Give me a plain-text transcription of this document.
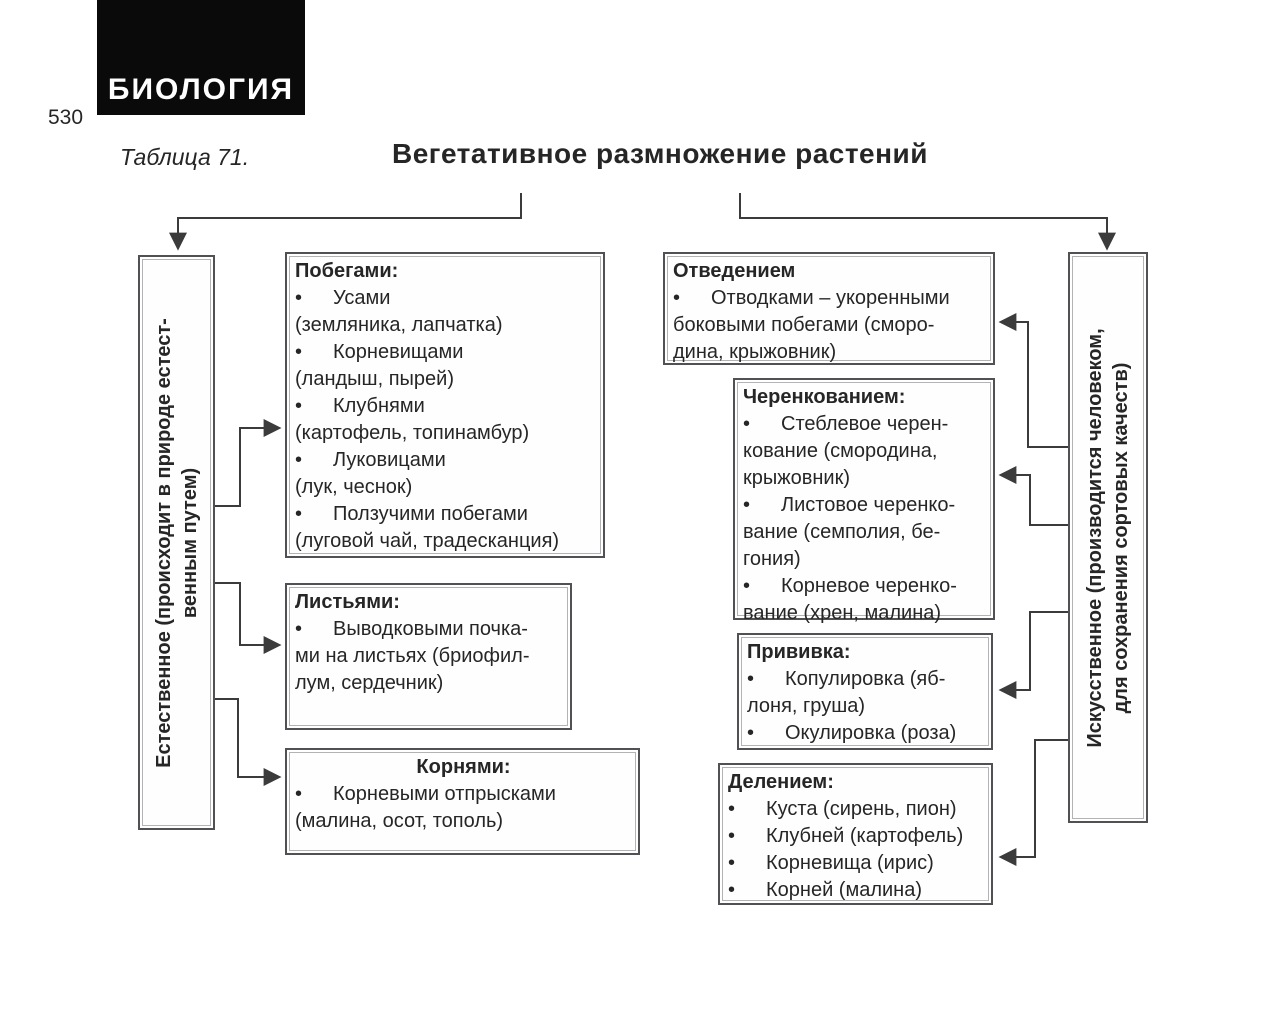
БИОЛОГИЯ
530
Таблица 71.	Вегетативное размножение растений
Естественное (происходит в природе естест- венным путем)	Искусственное (производится человеком, для сохранения сортовых качеств)
Побегами:
• Усами
(земляника, лапчатка)
• Корневищами
(ландыш, пырей)
• Клубнями
(картофель, топинамбур)
• Луковицами
(лук, чеснок)
• Ползучими побегами
(луговой чай, традесканция)
Листьями:
• Выводковыми почка-
ми на листьях (бриофил-
лум, сердечник)
Корнями:
• Корневыми отпрысками
(малина, осот, тополь)
Отведением
• Отводками – укоренными
боковыми побегами (сморо-
дина, крыжовник)
Черенкованием:
• Стеблевое черен-
кование (смородина,
крыжовник)
• Листовое черенко-
вание (семполия, бе-
гония)
• Корневое черенко-
вание (хрен, малина)
Прививка:
• Копулировка (яб-
лоня, груша)
• Окулировка (роза)
Делением:
• Куста (сирень, пион)
• Клубней (картофель)
• Корневища (ирис)
• Корней (малина)
